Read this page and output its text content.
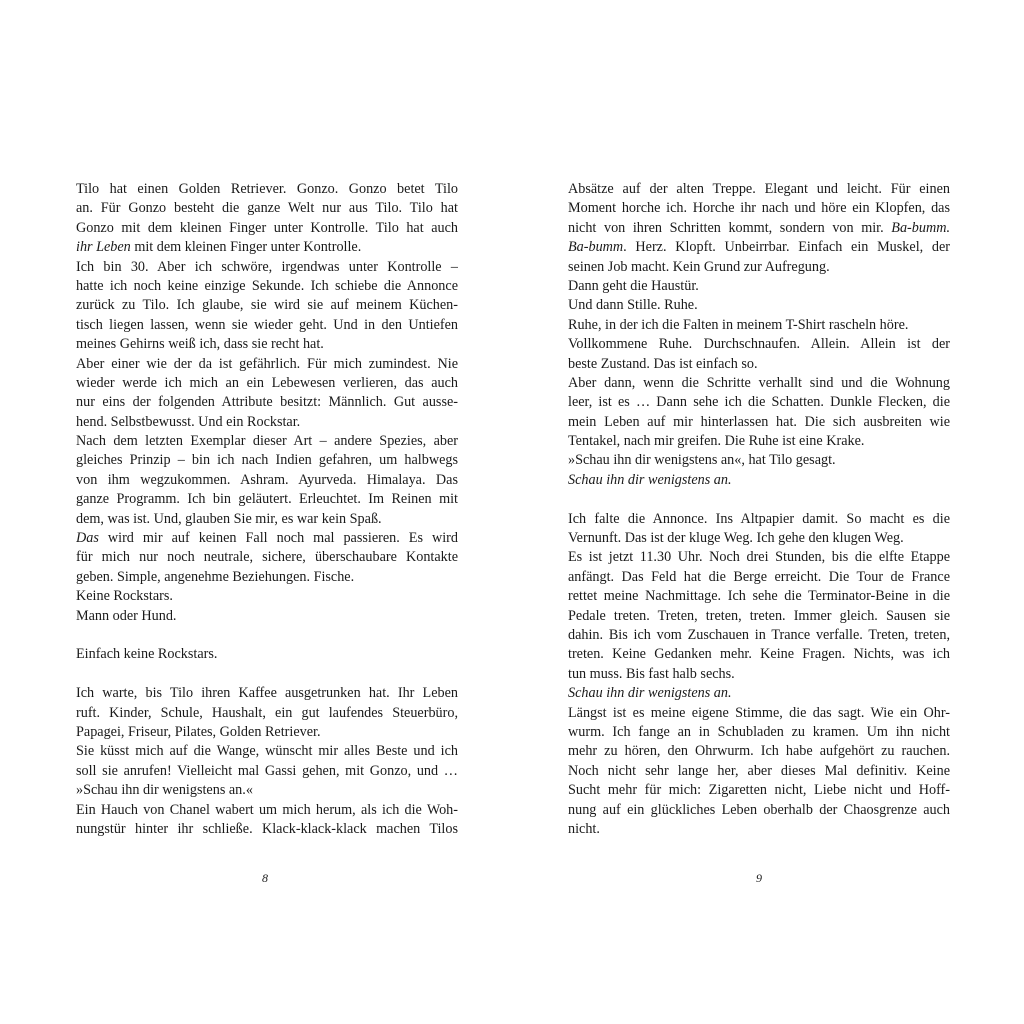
Tilo hat einen Golden Retriever. Gonzo. Gonzo betet Tilo
an. Für Gonzo besteht die ganze Welt nur aus Tilo. Tilo hat
Gonzo mit dem kleinen Finger unter Kontrolle. Tilo hat auch
ihr Leben mit dem kleinen Finger unter Kontrolle.
Ich bin 30. Aber ich schwöre, irgendwas unter Kontrolle –
hatte ich noch keine einzige Sekunde. Ich schiebe die Annonce
zurück zu Tilo. Ich glaube, sie wird sie auf meinem Küchen-
tisch liegen lassen, wenn sie wieder geht. Und in den Untiefen
meines Gehirns weiß ich, dass sie recht hat.
Aber einer wie der da ist gefährlich. Für mich zumindest. Nie
wieder werde ich mich an ein Lebewesen verlieren, das auch
nur eins der folgenden Attribute besitzt: Männlich. Gut ausse-
hend. Selbstbewusst. Und ein Rockstar.
Nach dem letzten Exemplar dieser Art – andere Spezies, aber
gleiches Prinzip – bin ich nach Indien gefahren, um halbwegs
von ihm wegzukommen. Ashram. Ayurveda. Himalaya. Das
ganze Programm. Ich bin geläutert. Erleuchtet. Im Reinen mit
dem, was ist. Und, glauben Sie mir, es war kein Spaß.
Das wird mir auf keinen Fall noch mal passieren. Es wird
für mich nur noch neutrale, sichere, überschaubare Kontakte
geben. Simple, angenehme Beziehungen. Fische.
Keine Rockstars.
Mann oder Hund.
Einfach keine Rockstars.
Ich warte, bis Tilo ihren Kaffee ausgetrunken hat. Ihr Leben
ruft. Kinder, Schule, Haushalt, ein gut laufendes Steuerbüro,
Papagei, Friseur, Pilates, Golden Retriever.
Sie küsst mich auf die Wange, wünscht mir alles Beste und ich
soll sie anrufen! Vielleicht mal Gassi gehen, mit Gonzo, und …
»Schau ihn dir wenigstens an.«
Ein Hauch von Chanel wabert um mich herum, als ich die Woh-
nungstür hinter ihr schließe. Klack-klack-klack machen Tilos
Absätze auf der alten Treppe. Elegant und leicht. Für einen
Moment horche ich. Horche ihr nach und höre ein Klopfen, das
nicht von ihren Schritten kommt, sondern von mir. Ba-bumm.
Ba-bumm. Herz. Klopft. Unbeirrbar. Einfach ein Muskel, der
seinen Job macht. Kein Grund zur Aufregung.
Dann geht die Haustür.
Und dann Stille. Ruhe.
Ruhe, in der ich die Falten in meinem T-Shirt rascheln höre.
Vollkommene Ruhe. Durchschnaufen. Allein. Allein ist der
beste Zustand. Das ist einfach so.
Aber dann, wenn die Schritte verhallt sind und die Wohnung
leer, ist es … Dann sehe ich die Schatten. Dunkle Flecken, die
mein Leben auf mir hinterlassen hat. Die sich ausbreiten wie
Tentakel, nach mir greifen. Die Ruhe ist eine Krake.
»Schau ihn dir wenigstens an«, hat Tilo gesagt.
Schau ihn dir wenigstens an.
Ich falte die Annonce. Ins Altpapier damit. So macht es die
Vernunft. Das ist der kluge Weg. Ich gehe den klugen Weg.
Es ist jetzt 11.30 Uhr. Noch drei Stunden, bis die elfte Etappe
anfängt. Das Feld hat die Berge erreicht. Die Tour de France
rettet meine Nachmittage. Ich sehe die Terminator-Beine in die
Pedale treten. Treten, treten, treten. Immer gleich. Sausen sie
dahin. Bis ich vom Zuschauen in Trance verfalle. Treten, treten,
treten. Keine Gedanken mehr. Keine Fragen. Nichts, was ich
tun muss. Bis fast halb sechs.
Schau ihn dir wenigstens an.
Längst ist es meine eigene Stimme, die das sagt. Wie ein Ohr-
wurm. Ich fange an in Schubladen zu kramen. Um ihn nicht
mehr zu hören, den Ohrwurm. Ich habe aufgehört zu rauchen.
Noch nicht sehr lange her, aber dieses Mal definitiv. Keine
Sucht mehr für mich: Zigaretten nicht, Liebe nicht und Hoff-
nung auf ein glückliches Leben oberhalb der Chaosgrenze auch
nicht.
8	9
